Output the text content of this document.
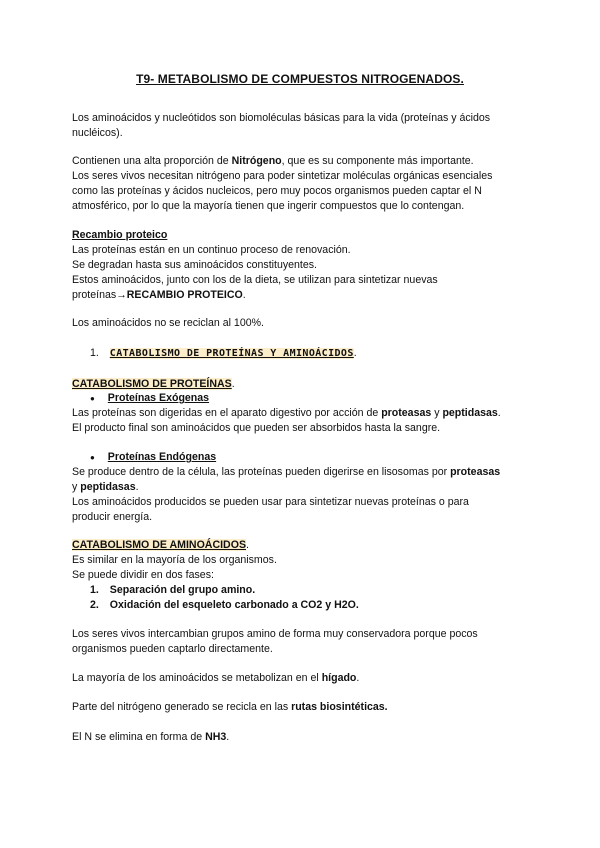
T9- METABOLISMO DE COMPUESTOS NITROGENADOS.

Los aminoácidos y nucleótidos son biomoléculas básicas para la vida (proteínas y ácidos
nucléicos).

Contienen una alta proporción de Nitrógeno, que es su componente más importante.
Los seres vivos necesitan nitrógeno para poder sintetizar moléculas orgánicas esenciales
como las proteínas y ácidos nucleicos, pero muy pocos organismos pueden captar el N
atmosférico, por lo que la mayoría tienen que ingerir compuestos que lo contengan.

Recambio proteico
Las proteínas están en un continuo proceso de renovación.
Se degradan hasta sus aminoácidos constituyentes.
Estos aminoácidos, junto con los de la dieta, se utilizan para sintetizar nuevas
proteínas→RECAMBIO PROTEICO.

Los aminoácidos no se reciclan al 100%.

1. CATABOLISMO DE PROTEÍNAS Y AMINOÁCIDOS.

CATABOLISMO DE PROTEÍNAS.

● Proteínas Exógenas

Las proteínas son digeridas en el aparato digestivo por acción de proteasas y peptidasas.
El producto final son aminoácidos que pueden ser absorbidos hasta la sangre.

● Proteínas Endógenas

Se produce dentro de la célula, las proteínas pueden digerirse en lisosomas por proteasas
y peptidasas.
Los aminoácidos producidos se pueden usar para sintetizar nuevas proteínas o para
producir energía.

CATABOLISMO DE AMINOÁCIDOS.
Es similar en la mayoría de los organismos.
Se puede dividir en dos fases:

1. Separación del grupo amino.
2. Oxidación del esqueleto carbonado a CO2 y H2O.

Los seres vivos intercambian grupos amino de forma muy conservadora porque pocos
organismos pueden captarlo directamente.

La mayoría de los aminoácidos se metabolizan en el hígado.

Parte del nitrógeno generado se recicla en las rutas biosintéticas.

El N se elimina en forma de NH3.
